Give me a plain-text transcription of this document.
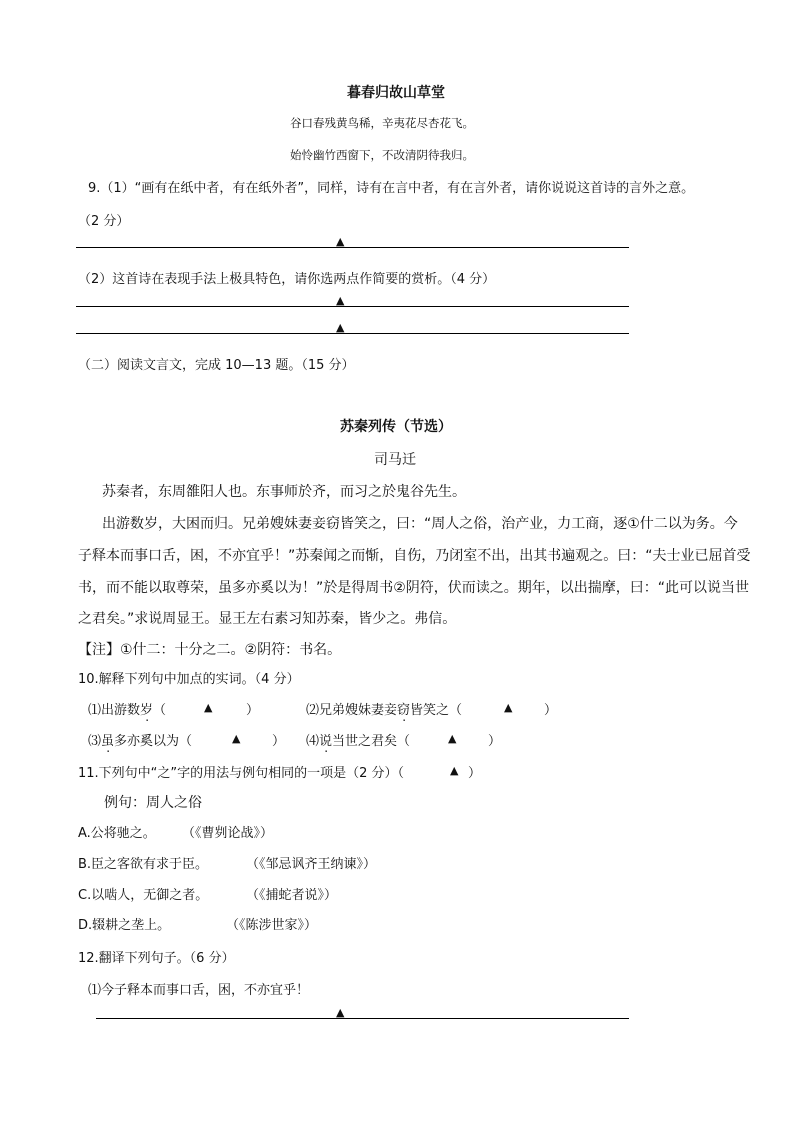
暮春归故山草堂
谷口春残黄鸟稀，辛夷花尽杏花飞。
始怜幽竹西窗下，不改清阴待我归。
9.（1）“画有在纸中者，有在纸外者”，同样，诗有在言中者，有在言外者，请你说说这首诗的言外之意。
（2 分）
▲
（2）这首诗在表现手法上极具特色，请你选两点作简要的赏析。（4 分）
▲
▲
（二）阅读文言文，完成 10—13 题。（15 分）
苏秦列传（节选）
司马迁
苏秦者，东周雒阳人也。东事师於齐，而习之於鬼谷先生。
出游数岁，大困而归。兄弟嫂妹妻妾窃皆笑之，曰：“周人之俗，治产业，力工商，逐①什二以为务。今
子释本而事口舌，困，不亦宜乎！”苏秦闻之而惭，自伤，乃闭室不出，出其书遍观之。曰：“夫士业已屈首受
书，而不能以取尊荣，虽多亦奚以为！”於是得周书②阴符，伏而读之。期年，以出揣摩，曰：“此可以说当世
之君矣。”求说周显王。显王左右素习知苏秦，皆少之。弗信。
【注】①什二：十分之二。②阴符：书名。
10.解释下列句中加点的实词。（4 分）
⑴出游数岁（	▲	）	⑵兄弟嫂妹妻妾窃皆笑之（	▲ ）
⑶虽多亦奚以为（	▲ ） ⑷说当世之君矣（	▲ ）
11.下列句中“之”字的用法与例句相同的一项是（2 分）（	▲ ）
例句：周人之俗
A.公将驰之。 （《曹刿论战》）
B.臣之客欲有求于臣。	（《邹忌讽齐王纳谏》）
C.以啮人，无御之者。	（《捕蛇者说》）
D.辍耕之垄上。	（《陈涉世家》）
12.翻译下列句子。（6 分）
⑴今子释本而事口舌，困，不亦宜乎！
▲
